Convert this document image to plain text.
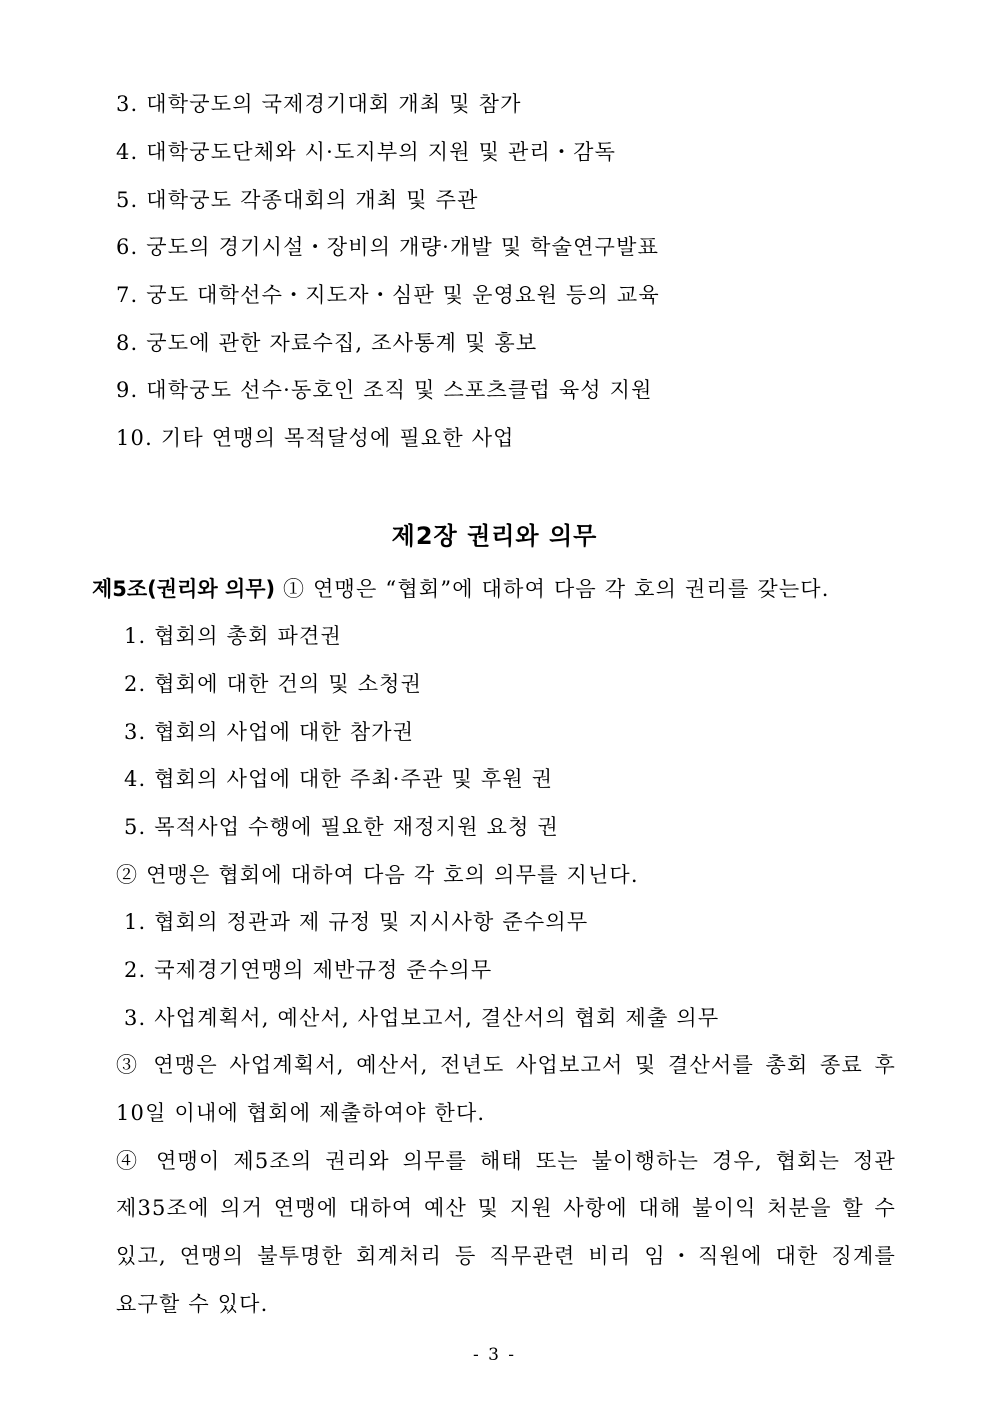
3. 대학궁도의 국제경기대회 개최 및 참가
4. 대학궁도단체와 시·도지부의 지원 및 관리・감독
5. 대학궁도 각종대회의 개최 및 주관
6. 궁도의 경기시설・장비의 개량·개발 및 학술연구발표
7. 궁도 대학선수・지도자・심판 및 운영요원 등의 교육
8. 궁도에 관한 자료수집, 조사통계 및 홍보
9. 대학궁도 선수·동호인 조직 및 스포츠클럽 육성 지원
10. 기타 연맹의 목적달성에 필요한 사업
제2장 권리와 의무
제5조(권리와 의무) ① 연맹은 “협회”에 대하여 다음 각 호의 권리를 갖는다.
1. 협회의 총회 파견권
2. 협회에 대한 건의 및 소청권
3. 협회의 사업에 대한 참가권
4. 협회의 사업에 대한 주최·주관 및 후원 권
5. 목적사업 수행에 필요한 재정지원 요청 권
② 연맹은 협회에 대하여 다음 각 호의 의무를 지닌다.
1. 협회의 정관과 제 규정 및 지시사항 준수의무
2. 국제경기연맹의 제반규정 준수의무
3. 사업계획서, 예산서, 사업보고서, 결산서의 협회 제출 의무
③ 연맹은 사업계획서, 예산서, 전년도 사업보고서 및 결산서를 총회 종료 후
10일 이내에 협회에 제출하여야 한다.
④ 연맹이 제5조의 권리와 의무를 해태 또는 불이행하는 경우, 협회는 정관
제35조에 의거 연맹에 대하여 예산 및 지원 사항에 대해 불이익 처분을 할 수
있고, 연맹의 불투명한 회계처리 등 직무관련 비리 임・직원에 대한 징계를
요구할 수 있다.
- 3 -
